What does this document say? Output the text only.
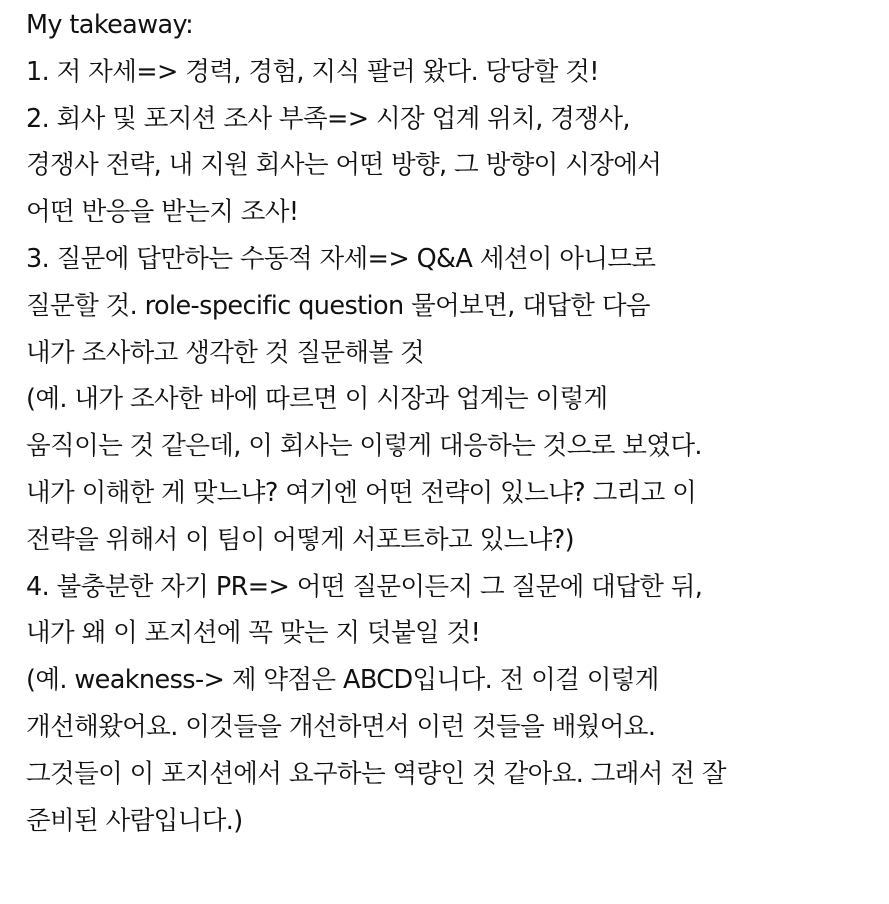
My takeaway:
1. 저 자세=> 경력, 경험, 지식 팔러 왔다. 당당할 것!
2. 회사 및 포지션 조사 부족=> 시장 업계 위치, 경쟁사,
경쟁사 전략, 내 지원 회사는 어떤 방향, 그 방향이 시장에서
어떤 반응을 받는지 조사!
3. 질문에 답만하는 수동적 자세=> Q&A 세션이 아니므로
질문할 것. role-specific question 물어보면, 대답한 다음
내가 조사하고 생각한 것 질문해볼 것
(예. 내가 조사한 바에 따르면 이 시장과 업계는 이렇게
움직이는 것 같은데, 이 회사는 이렇게 대응하는 것으로 보였다.
내가 이해한 게 맞느냐? 여기엔 어떤 전략이 있느냐? 그리고 이
전략을 위해서 이 팀이 어떻게 서포트하고 있느냐?)
4. 불충분한 자기 PR=> 어떤 질문이든지 그 질문에 대답한 뒤,
내가 왜 이 포지션에 꼭 맞는 지 덧붙일 것!
(예. weakness-> 제 약점은 ABCD입니다. 전 이걸 이렇게
개선해왔어요. 이것들을 개선하면서 이런 것들을 배웠어요.
그것들이 이 포지션에서 요구하는 역량인 것 같아요. 그래서 전 잘
준비된 사람입니다.)
